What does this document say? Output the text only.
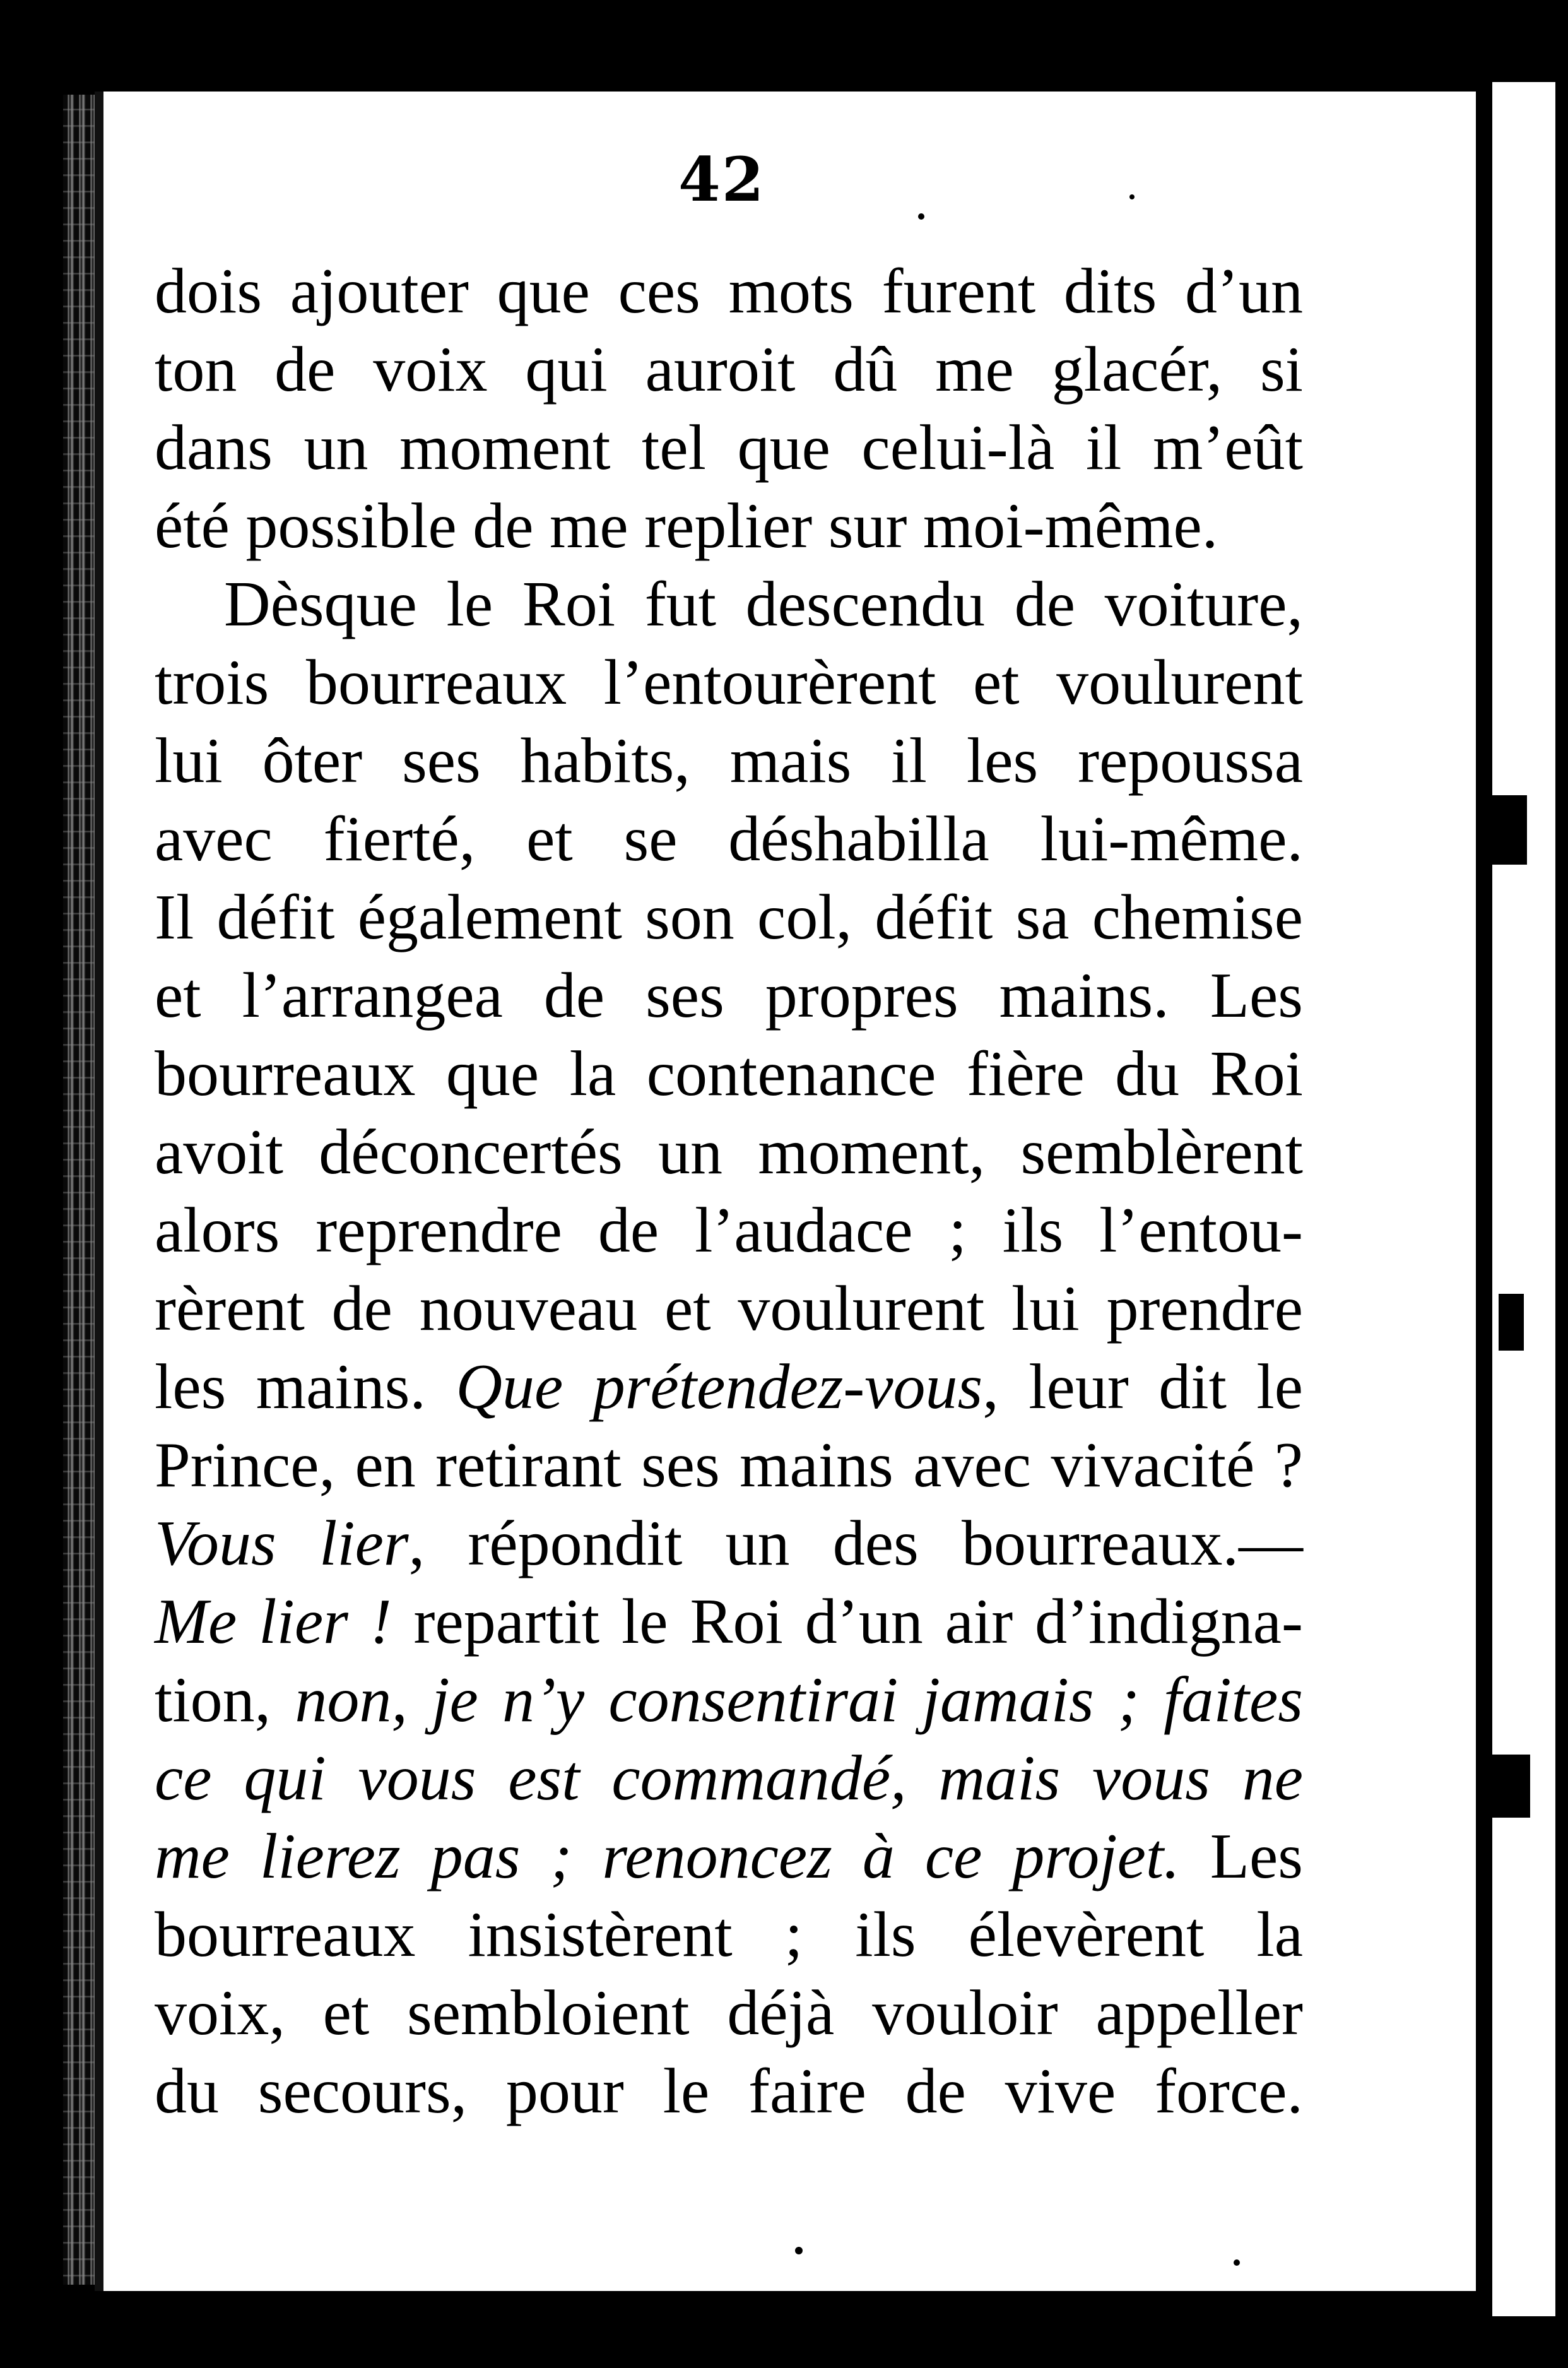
42
dois ajouter que ces mots furent dits d’un
ton de voix qui auroit dû me glacér, si
dans un moment tel que celui-là il m’eût
été possible de me replier sur moi-même.
Dèsque le Roi fut descendu de voiture,
trois bourreaux l’entourèrent et voulurent
lui ôter ses habits, mais il les repoussa
avec fierté, et se déshabilla lui-même.
Il défit également son col, défit sa chemise
et l’arrangea de ses propres mains. Les
bourreaux que la contenance fière du Roi
avoit déconcertés un moment, semblèrent
alors reprendre de l’audace ; ils l’entou-
rèrent de nouveau et voulurent lui prendre
les mains. Que prétendez-vous, leur dit le
Prince, en retirant ses mains avec vivacité ?
Vous lier, répondit un des bourreaux.—
Me lier ! repartit le Roi d’un air d’indigna-
tion, non, je n’y consentirai jamais ; faites
ce qui vous est commandé, mais vous ne
me lierez pas ; renoncez à ce projet. Les
bourreaux insistèrent ; ils élevèrent la
voix, et sembloient déjà vouloir appeller
du secours, pour le faire de vive force.
